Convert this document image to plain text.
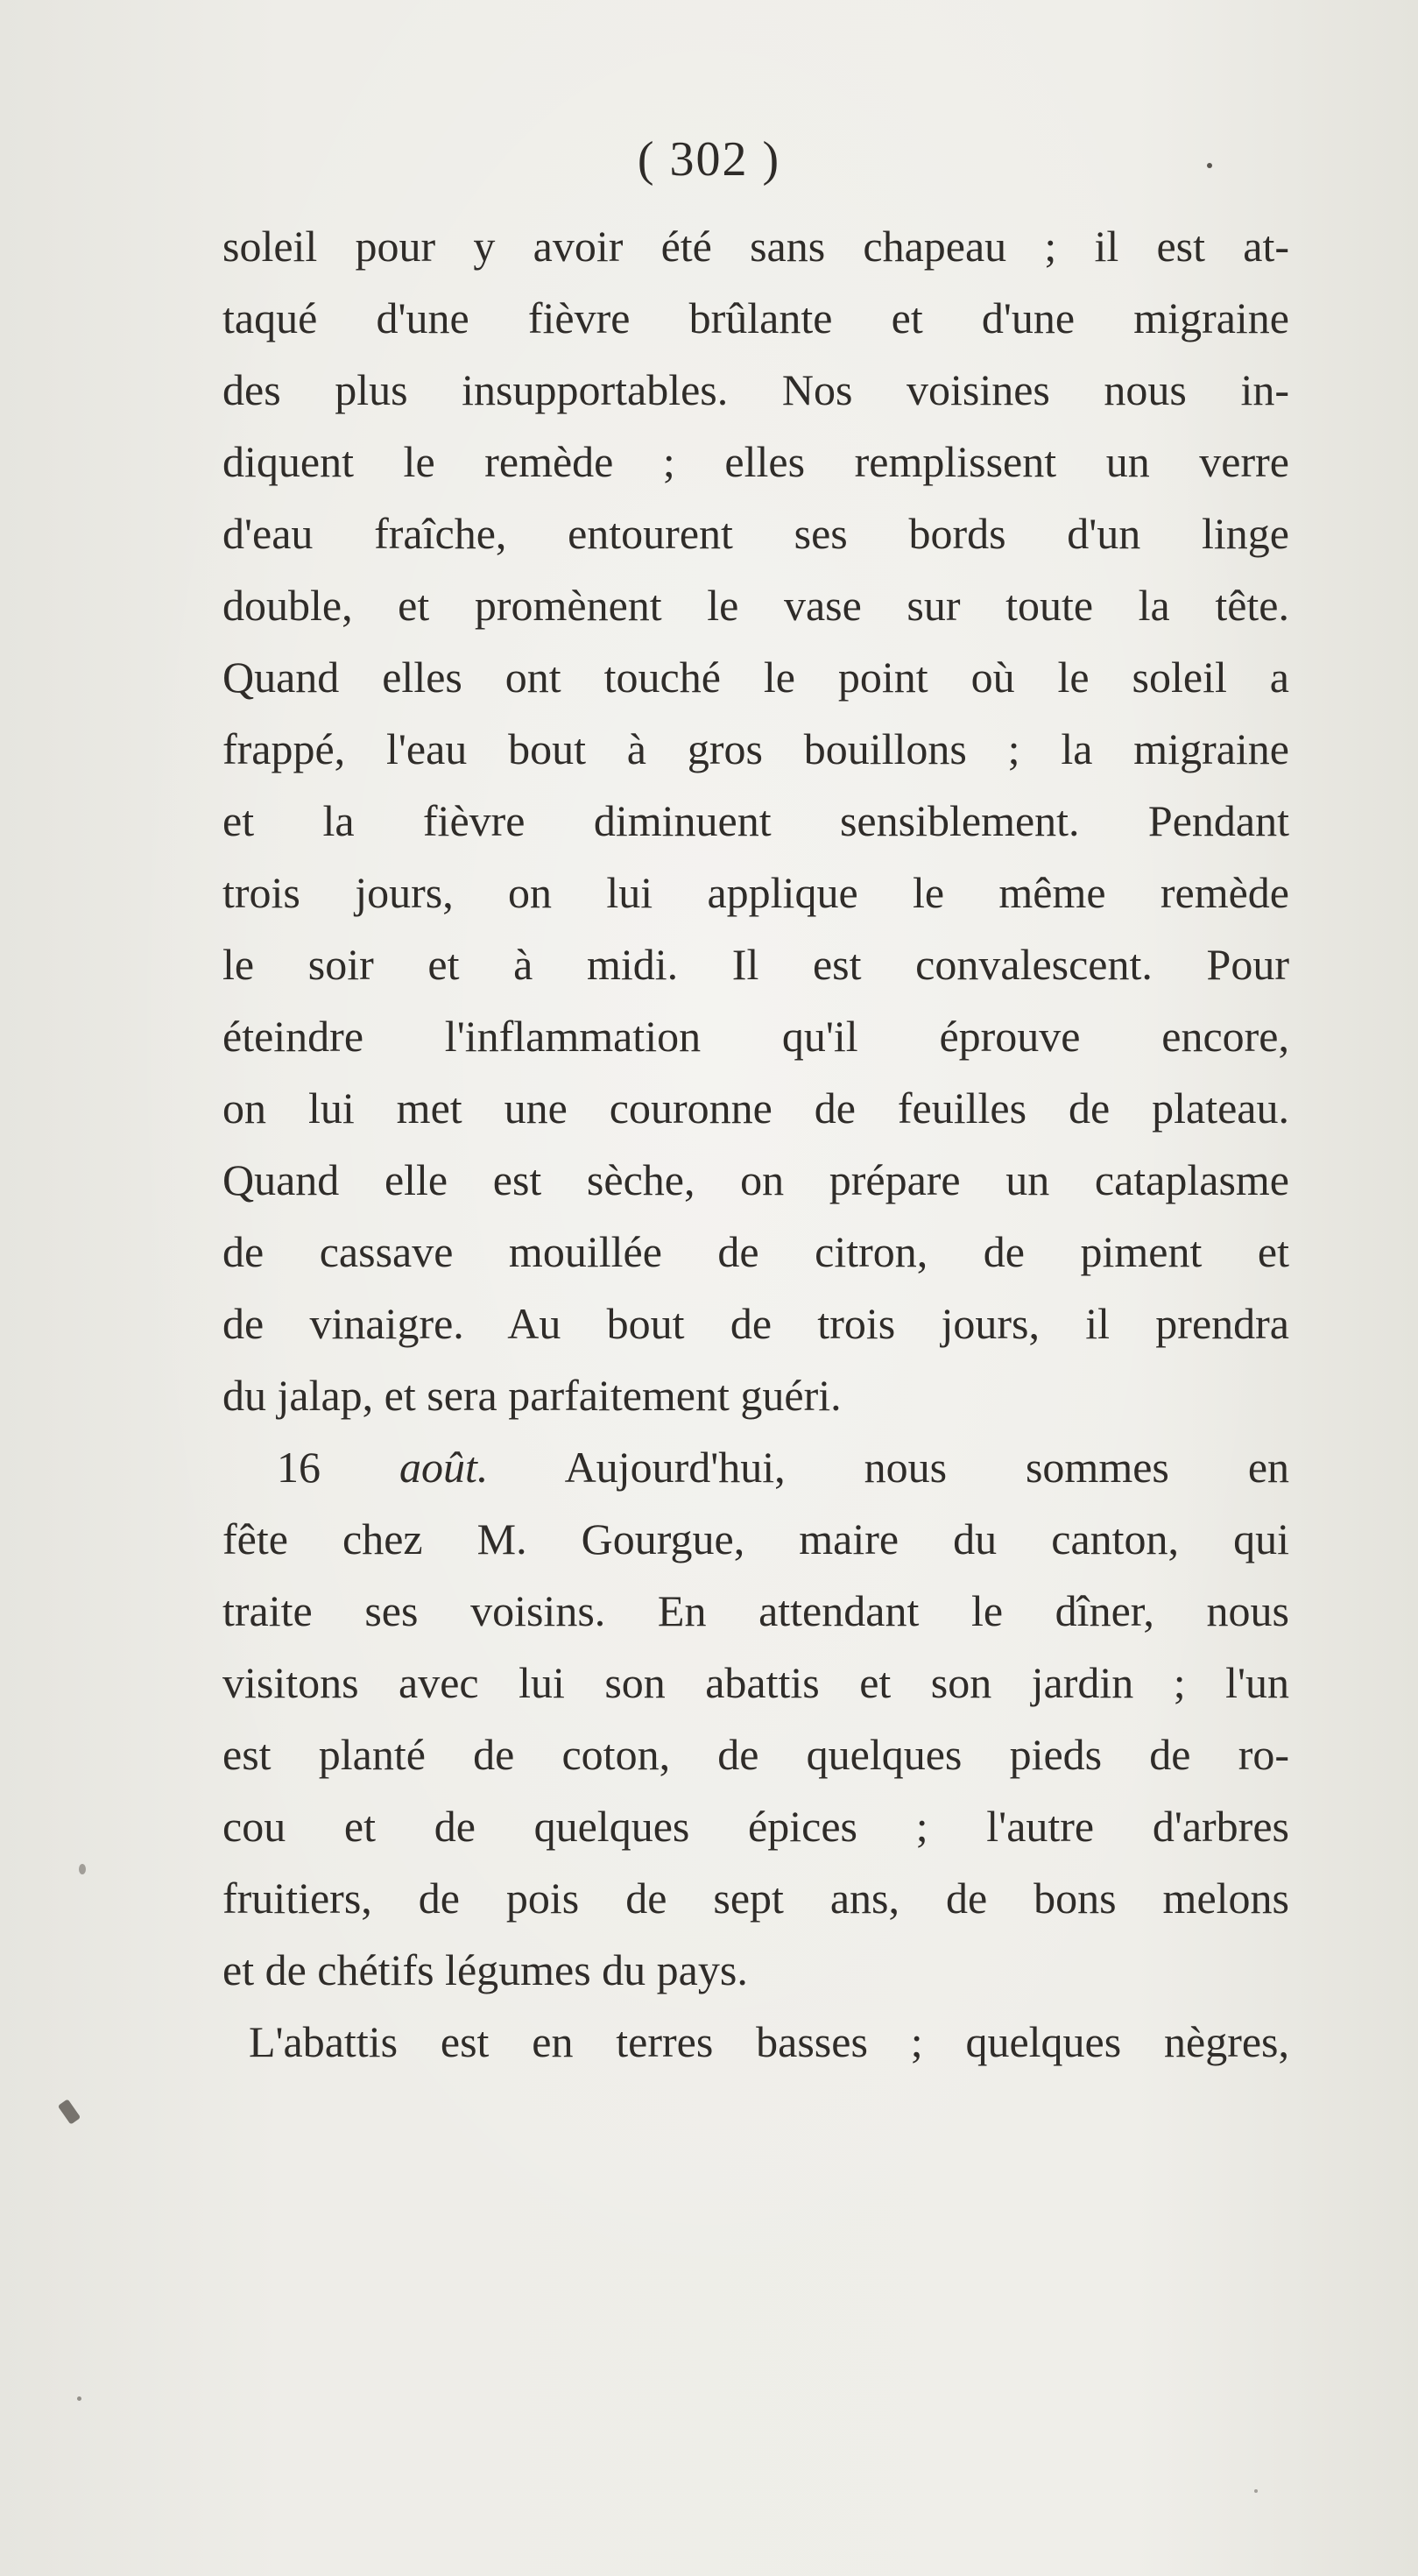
( 302 )
soleil pour y avoir été sans chapeau ; il est at-
taqué d'une fièvre brûlante et d'une migraine
des plus insupportables. Nos voisines nous in-
diquent le remède ; elles remplissent un verre
d'eau fraîche, entourent ses bords d'un linge
double, et promènent le vase sur toute la tête.
Quand elles ont touché le point où le soleil a
frappé, l'eau bout à gros bouillons ; la migraine
et la fièvre diminuent sensiblement. Pendant
trois jours, on lui applique le même remède
le soir et à midi. Il est convalescent. Pour
éteindre l'inflammation qu'il éprouve encore,
on lui met une couronne de feuilles de plateau.
Quand elle est sèche, on prépare un cataplasme
de cassave mouillée de citron, de piment et
de vinaigre. Au bout de trois jours, il prendra
du jalap, et sera parfaitement guéri.
16 août. Aujourd'hui, nous sommes en
fête chez M. Gourgue, maire du canton, qui
traite ses voisins. En attendant le dîner, nous
visitons avec lui son abattis et son jardin ; l'un
est planté de coton, de quelques pieds de ro-
cou et de quelques épices ; l'autre d'arbres
fruitiers, de pois de sept ans, de bons melons
et de chétifs légumes du pays.
L'abattis est en terres basses ; quelques nègres,
